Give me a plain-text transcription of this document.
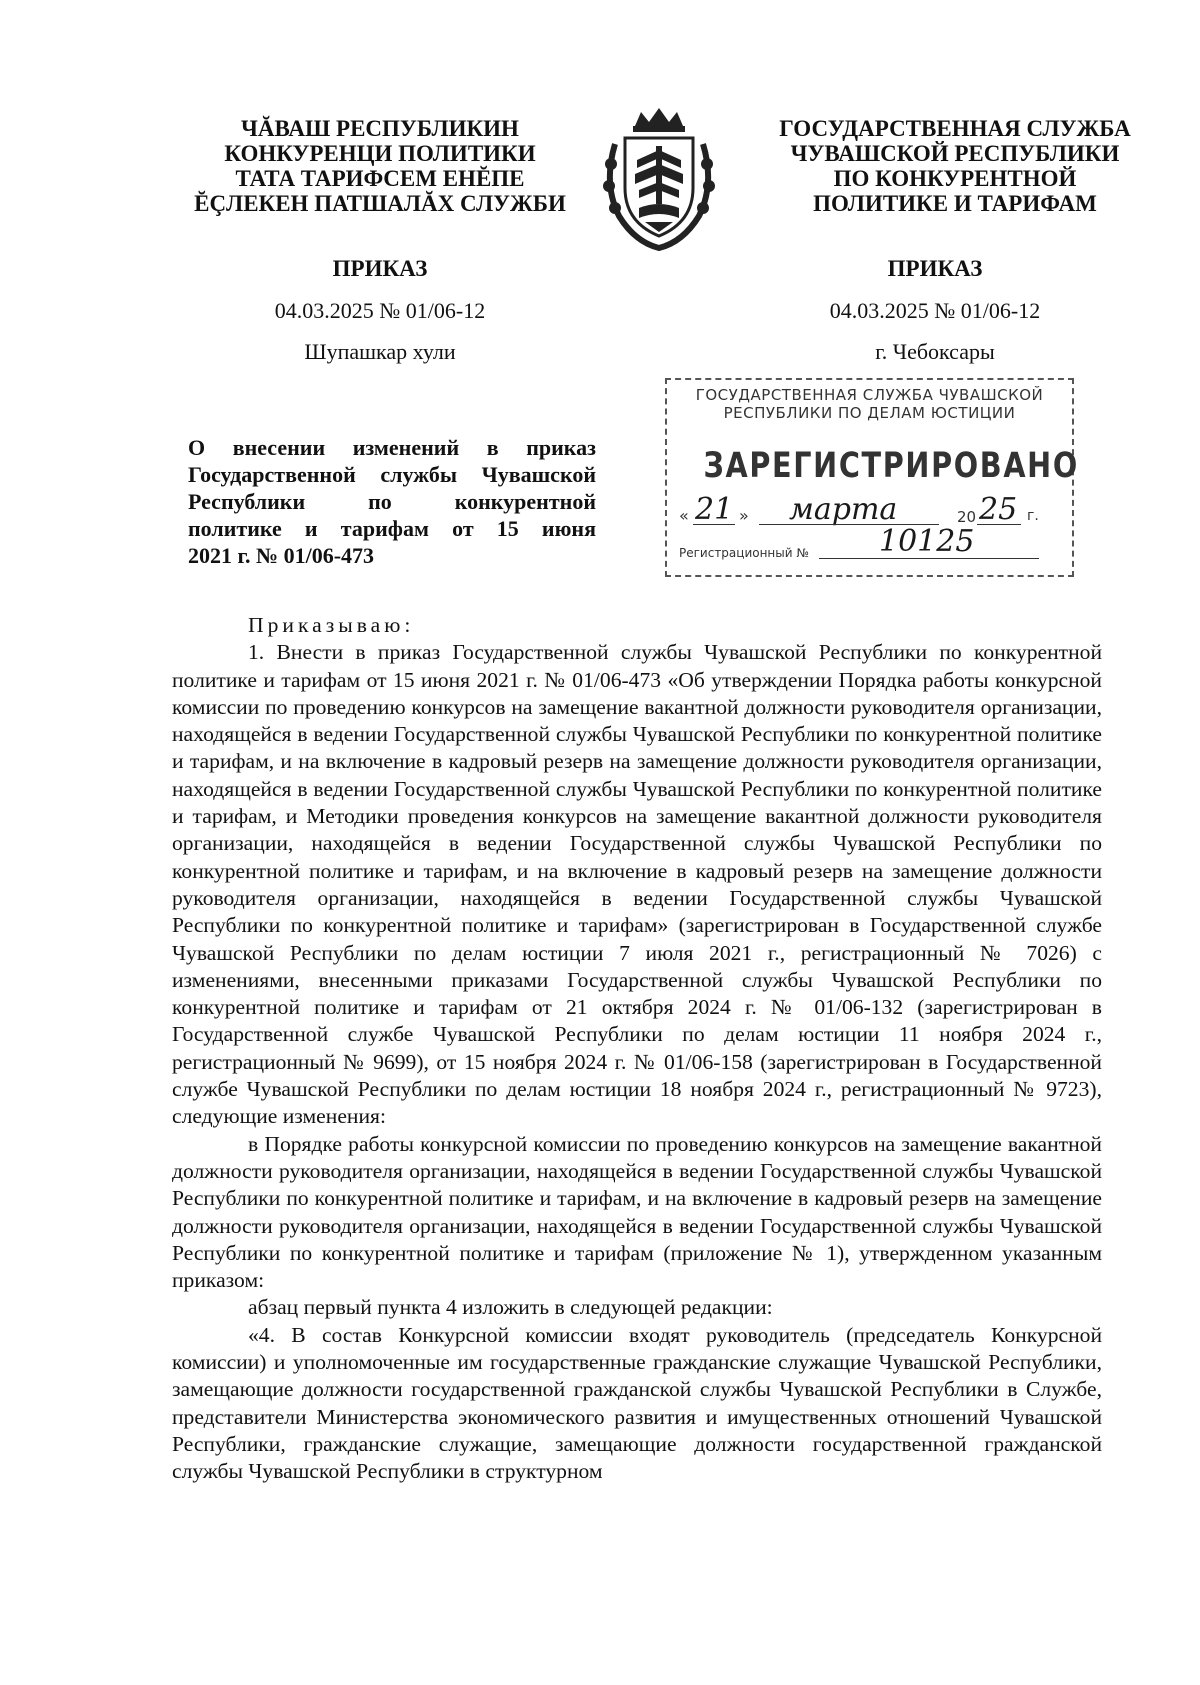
ЧĂВАШ РЕСПУБЛИКИН
КОНКУРЕНЦИ ПОЛИТИКИ
ТАТА ТАРИФСЕМ ЕНĔПЕ
ĔÇЛЕКЕН ПАТШАЛĂХ СЛУЖБИ
ГОСУДАРСТВЕННАЯ СЛУЖБА
ЧУВАШСКОЙ РЕСПУБЛИКИ
ПО КОНКУРЕНТНОЙ
ПОЛИТИКЕ И ТАРИФАМ
ПРИКАЗ
04.03.2025 № 01/06-12
Шупашкар хули
ПРИКАЗ
04.03.2025 № 01/06-12
г. Чебоксары
ГОСУДАРСТВЕННАЯ СЛУЖБА ЧУВАШСКОЙ
РЕСПУБЛИКИ ПО ДЕЛАМ ЮСТИЦИИ
ЗАРЕГИСТРИРОВАНО
« 21 » марта	20 25 г.
Регистрационный № 10125
О внесении изменений в приказ
Государственной службы Чувашской
Республики по конкурентной
политике и тарифам от 15 июня
2021 г. № 01/06-473

Приказываю:

1. Внести в приказ Государственной службы Чувашской Республики по конкурентной политике и тарифам от 15 июня 2021 г. № 01/06-473 «Об утверждении Порядка работы конкурсной комиссии по проведению конкурсов на замещение вакантной должности руководителя организации, находящейся в ведении Государственной службы Чувашской Республики по конкурентной политике и тарифам, и на включение в кадровый резерв на замещение должности руководителя организации, находящейся в ведении Государственной службы Чувашской Республики по конкурентной политике и тарифам, и Методики проведения конкурсов на замещение вакантной должности руководителя организации, находящейся в ведении Государственной службы Чувашской Республики по конкурентной политике и тарифам, и на включение в кадровый резерв на замещение должности руководителя организации, находящейся в ведении Государственной службы Чувашской Республики по конкурентной политике и тарифам» (зарегистрирован в Государственной службе Чувашской Республики по делам юстиции 7 июля 2021 г., регистрационный № 7026) с изменениями, внесенными приказами Государственной службы Чувашской Республики по конкурентной политике и тарифам от 21 октября 2024 г. № 01/06-132 (зарегистрирован в Государственной службе Чувашской Республики по делам юстиции 11 ноября 2024 г., регистрационный № 9699), от 15 ноября 2024 г. № 01/06-158 (зарегистрирован в Государственной службе Чувашской Республики по делам юстиции 18 ноября 2024 г., регистрационный № 9723), следующие изменения:

в Порядке работы конкурсной комиссии по проведению конкурсов на замещение вакантной должности руководителя организации, находящейся в ведении Государственной службы Чувашской Республики по конкурентной политике и тарифам, и на включение в кадровый резерв на замещение должности руководителя организации, находящейся в ведении Государственной службы Чувашской Республики по конкурентной политике и тарифам (приложение № 1), утвержденном указанным приказом:

абзац первый пункта 4 изложить в следующей редакции:

«4. В состав Конкурсной комиссии входят руководитель (председатель Конкурсной комиссии) и уполномоченные им государственные гражданские служащие Чувашской Республики, замещающие должности государственной гражданской службы Чувашской Республики в Службе, представители Министерства экономического развития и имущественных отношений Чувашской Республики, гражданские служащие, замещающие должности государственной гражданской службы Чувашской Республики в структурном
